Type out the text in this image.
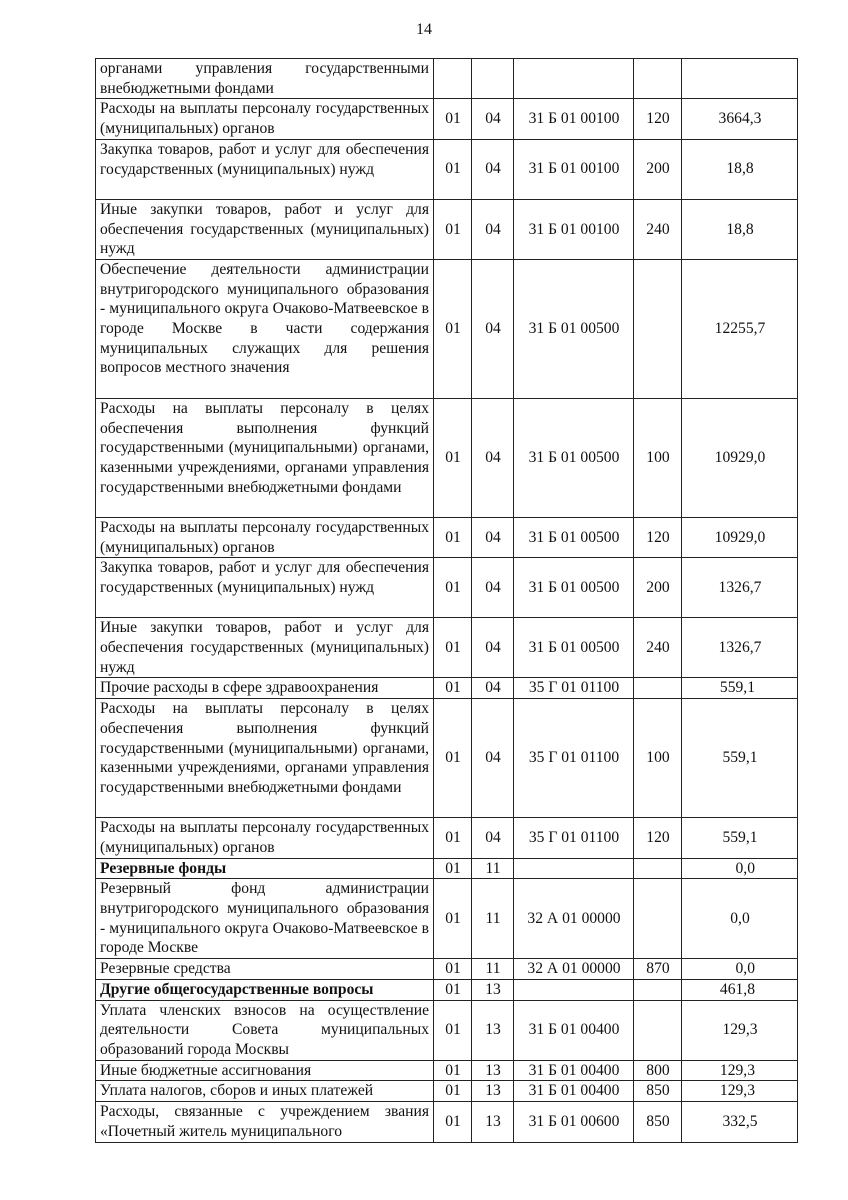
14
органами управления государственными внебюджетными фондами					
Расходы на выплаты персоналу государственных (муниципальных) органов	01	04	31 Б 01 00100	120	3664,3
Закупка товаров, работ и услуг для обеспечения государственных (муниципальных) нужд	01	04	31 Б 01 00100	200	18,8
Иные закупки товаров, работ и услуг для обеспечения государственных (муниципальных) нужд	01	04	31 Б 01 00100	240	18,8
Обеспечение деятельности администрации внутригородского муниципального образования - муниципального округа Очаково-Матвеевское в городе Москве в части содержания муниципальных служащих для решения вопросов местного значения	01	04	31 Б 01 00500		12255,7
Расходы на выплаты персоналу в целях обеспечения выполнения функций государственными (муниципальными) органами, казенными учреждениями, органами управления государственными внебюджетными фондами	01	04	31 Б 01 00500	100	10929,0
Расходы на выплаты персоналу государственных (муниципальных) органов	01	04	31 Б 01 00500	120	10929,0
Закупка товаров, работ и услуг для обеспечения государственных (муниципальных) нужд	01	04	31 Б 01 00500	200	1326,7
Иные закупки товаров, работ и услуг для обеспечения государственных (муниципальных) нужд	01	04	31 Б 01 00500	240	1326,7
Прочие расходы в сфере здравоохранения	01	04	35 Г 01 01100		559,1
Расходы на выплаты персоналу в целях обеспечения выполнения функций государственными (муниципальными) органами, казенными учреждениями, органами управления государственными внебюджетными фондами	01	04	35 Г 01 01100	100	559,1
Расходы на выплаты персоналу государственных (муниципальных) органов	01	04	35 Г 01 01100	120	559,1
Резервные фонды	01	11			0,0
Резервный фонд администрации внутригородского муниципального образования - муниципального округа Очаково-Матвеевское в городе Москве	01	11	32 А 01 00000		0,0
Резервные средства	01	11	32 А 01 00000	870	0,0
Другие общегосударственные вопросы	01	13			461,8
Уплата членских взносов на осуществление деятельности Совета муниципальных образований города Москвы	01	13	31 Б 01 00400		129,3
Иные бюджетные ассигнования	01	13	31 Б 01 00400	800	129,3
Уплата налогов, сборов и иных платежей	01	13	31 Б 01 00400	850	129,3
Расходы, связанные с учреждением звания «Почетный житель муниципального	01	13	31 Б 01 00600	850	332,5
